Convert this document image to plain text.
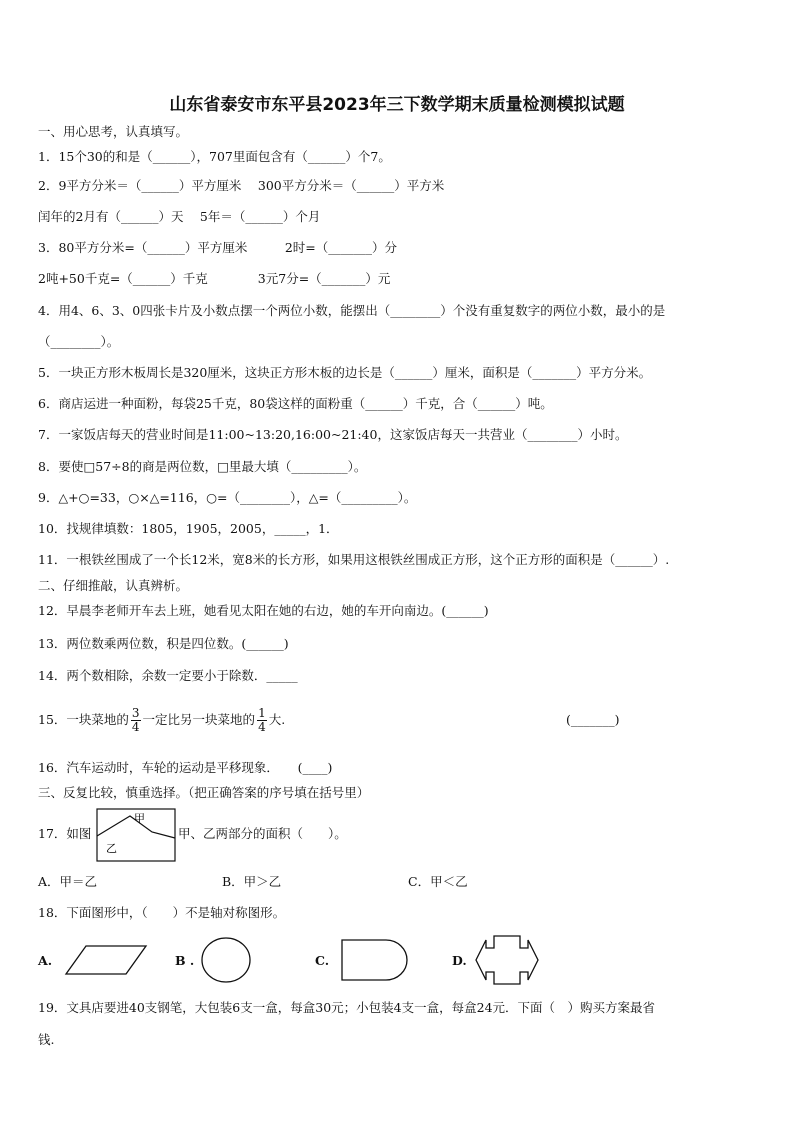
山东省泰安市东平县2023年三下数学期末质量检测模拟试题
一、用心思考，认真填写。
1．15个30的和是（______），707里面包含有（______）个7。
2．9平方分米＝（______）平方厘米　 300平方分米＝（______）平方米
闰年的2月有（______）天　 5年＝（______）个月
3．80平方分米=（______）平方厘米　　　2时=（_______）分
2吨+50千克=（______）千克　　　　3元7分=（_______）元
4．用4、6、3、0四张卡片及小数点摆一个两位小数，能摆出（________）个没有重复数字的两位小数，最小的是
（________）。
5．一块正方形木板周长是320厘米，这块正方形木板的边长是（______）厘米，面积是（_______）平方分米。
6．商店运进一种面粉，每袋25千克，80袋这样的面粉重（______）千克，合（______）吨。
7．一家饭店每天的营业时间是11:00~13:20,16:00~21:40，这家饭店每天一共营业（________）小时。
8．要使□57÷8的商是两位数，□里最大填（_________）。
9．△+○=33，○×△=116，○=（________），△=（_________）。
10．找规律填数：1805，1905，2005，_____，1．
11．一根铁丝围成了一个长12米，宽8米的长方形，如果用这根铁丝围成正方形，这个正方形的面积是（______）.
二、仔细推敲，认真辨析。
12．早晨李老师开车去上班，她看见太阳在她的右边，她的车开向南边。(______)
13．两位数乘两位数，积是四位数。(______)
14．两个数相除，余数一定要小于除数．_____
15．一块菜地的 $\frac{3}{4}$ 一定比另一块菜地的 $\frac{1}{4}$ 大.	(_______)
16．汽车运动时，车轮的运动是平移现象．　　(____)
三、反复比较，慎重选择。（把正确答案的序号填在括号里）
17．如图
甲
乙
甲、乙两部分的面积（　　）。
A．甲＝乙	B．甲＞乙	C．甲＜乙
18．下面图形中，（　　）不是轴对称图形。
A.	B .	C.	D.
19．文具店要进40支钢笔，大包装6支一盒，每盒30元；小包装4支一盒，每盒24元．下面（　）购买方案最省
钱.
